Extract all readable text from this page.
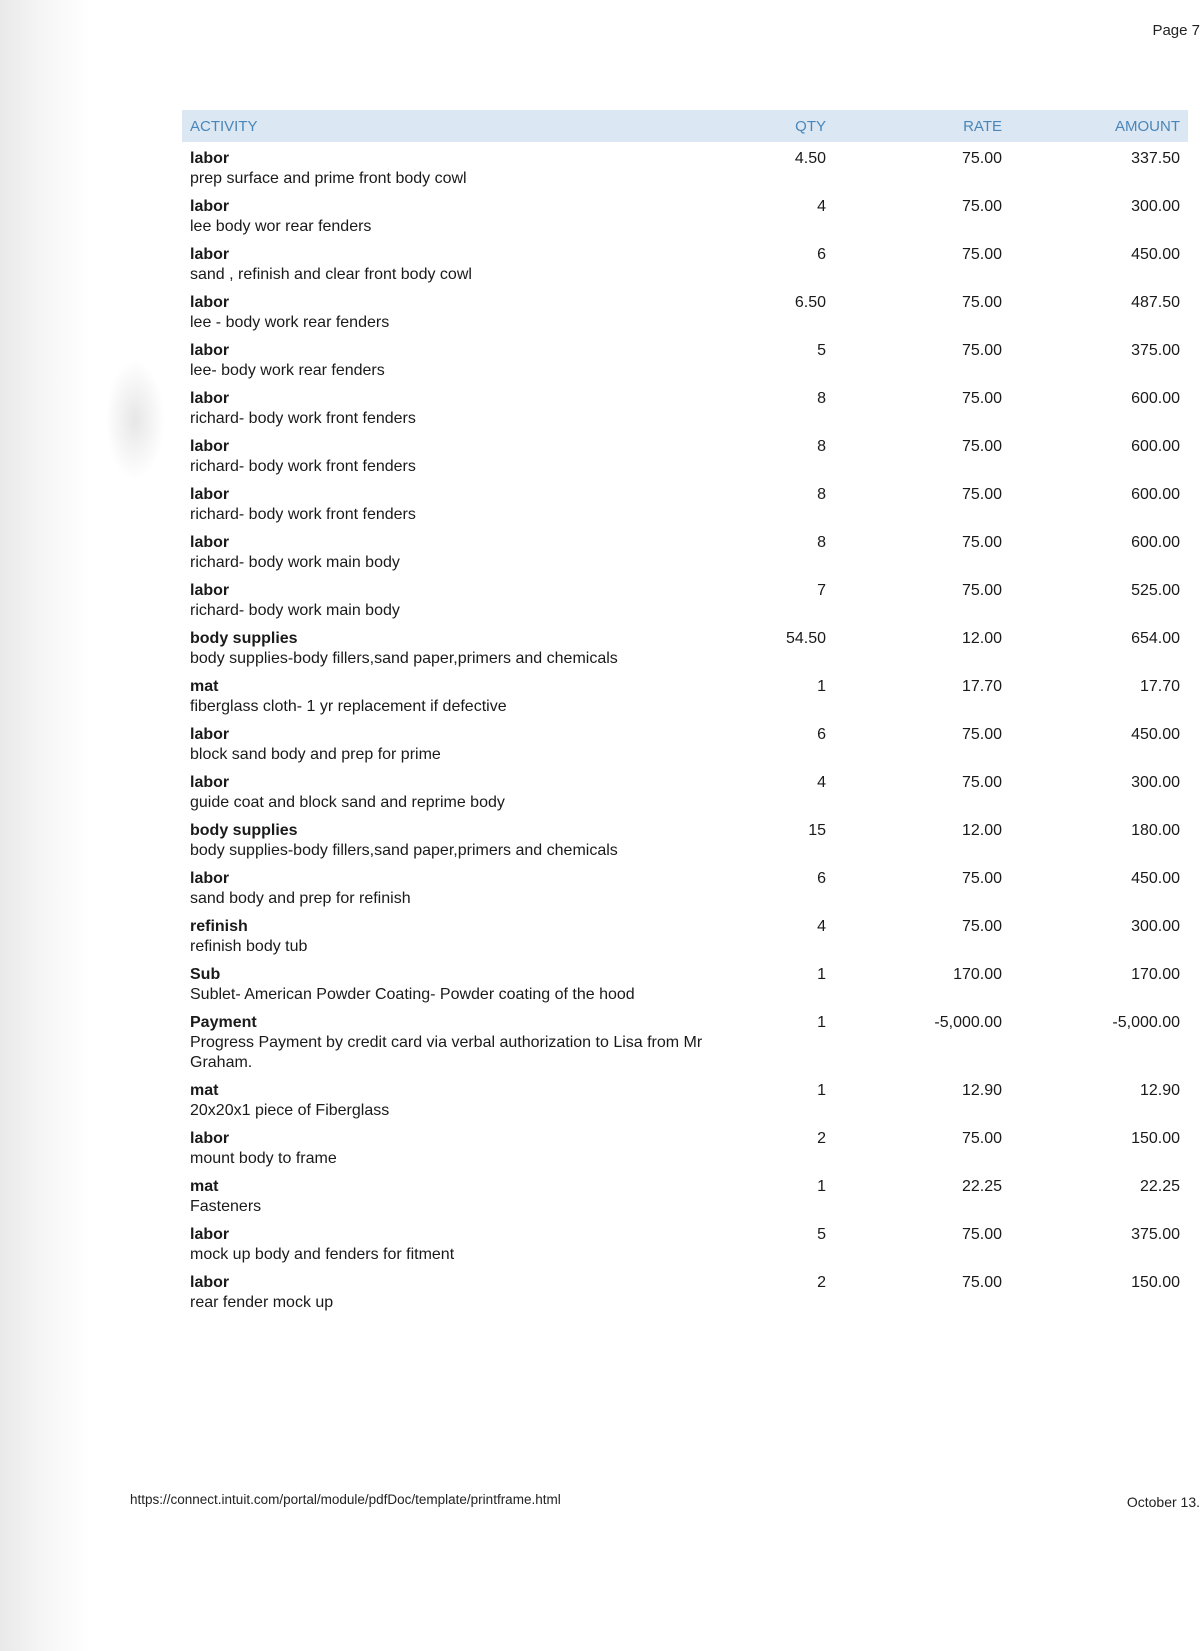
Page 7
ACTIVITY	QTY	RATE	AMOUNT
labor
prep surface and prime front body cowl
4.50	75.00	337.50
labor
lee body wor rear fenders
4	75.00	300.00
labor
sand , refinish and clear front body cowl
6	75.00	450.00
labor
lee - body work rear fenders
6.50	75.00	487.50
labor
lee- body work rear fenders
5	75.00	375.00
labor
richard- body work front fenders
8	75.00	600.00
labor
richard- body work front fenders
8	75.00	600.00
labor
richard- body work front fenders
8	75.00	600.00
labor
richard- body work main body
8	75.00	600.00
labor
richard- body work main body
7	75.00	525.00
body supplies
body supplies-body fillers,sand paper,primers and chemicals
54.50	12.00	654.00
mat
fiberglass cloth- 1 yr replacement if defective
1	17.70	17.70
labor
block sand body and prep for prime
6	75.00	450.00
labor
guide coat and block sand and reprime body
4	75.00	300.00
body supplies
body supplies-body fillers,sand paper,primers and chemicals
15	12.00	180.00
labor
sand body and prep for refinish
6	75.00	450.00
refinish
refinish body tub
4	75.00	300.00
Sub
Sublet- American Powder Coating- Powder coating of the hood
1	170.00	170.00
Payment
Progress Payment by credit card via verbal authorization to Lisa from Mr Graham.
1	-5,000.00	-5,000.00
mat
20x20x1 piece of Fiberglass
1	12.90	12.90
labor
mount body to frame
2	75.00	150.00
mat
Fasteners
1	22.25	22.25
labor
mock up body and fenders for fitment
5	75.00	375.00
labor
rear fender mock up
2	75.00	150.00
https://connect.intuit.com/portal/module/pdfDoc/template/printframe.html	October 13.
